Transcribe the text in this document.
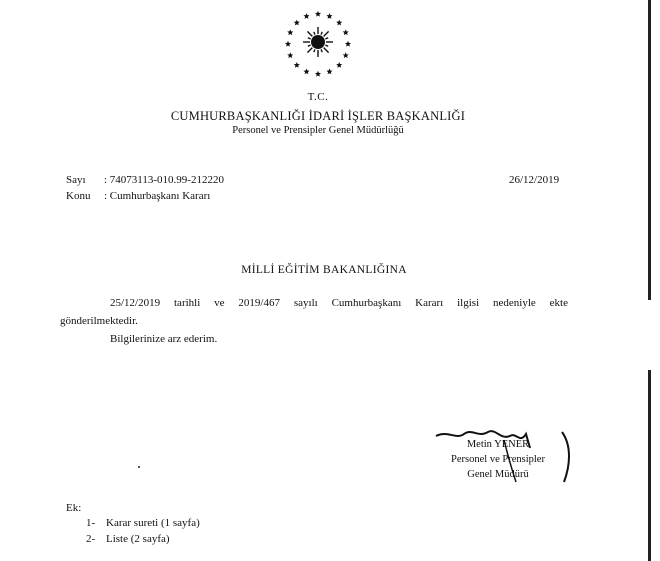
T.C.
CUMHURBAŞKANLIĞI İDARİ İŞLER BAŞKANLIĞI
Personel ve Prensipler Genel Müdürlüğü
Sayı : 74073113-010.99-212220	26/12/2019
Konu : Cumhurbaşkanı Kararı
MİLLİ EĞİTİM BAKANLIĞINA
25/12/2019 tarihli ve 2019/467 sayılı Cumhurbaşkanı Kararı ilgisi nedeniyle ekte
gönderilmektedir.
Bilgilerinize arz ederim.
Metin YENER
Personel ve Prensipler
Genel Müdürü
Ek:
1- Karar sureti (1 sayfa)
2- Liste (2 sayfa)
